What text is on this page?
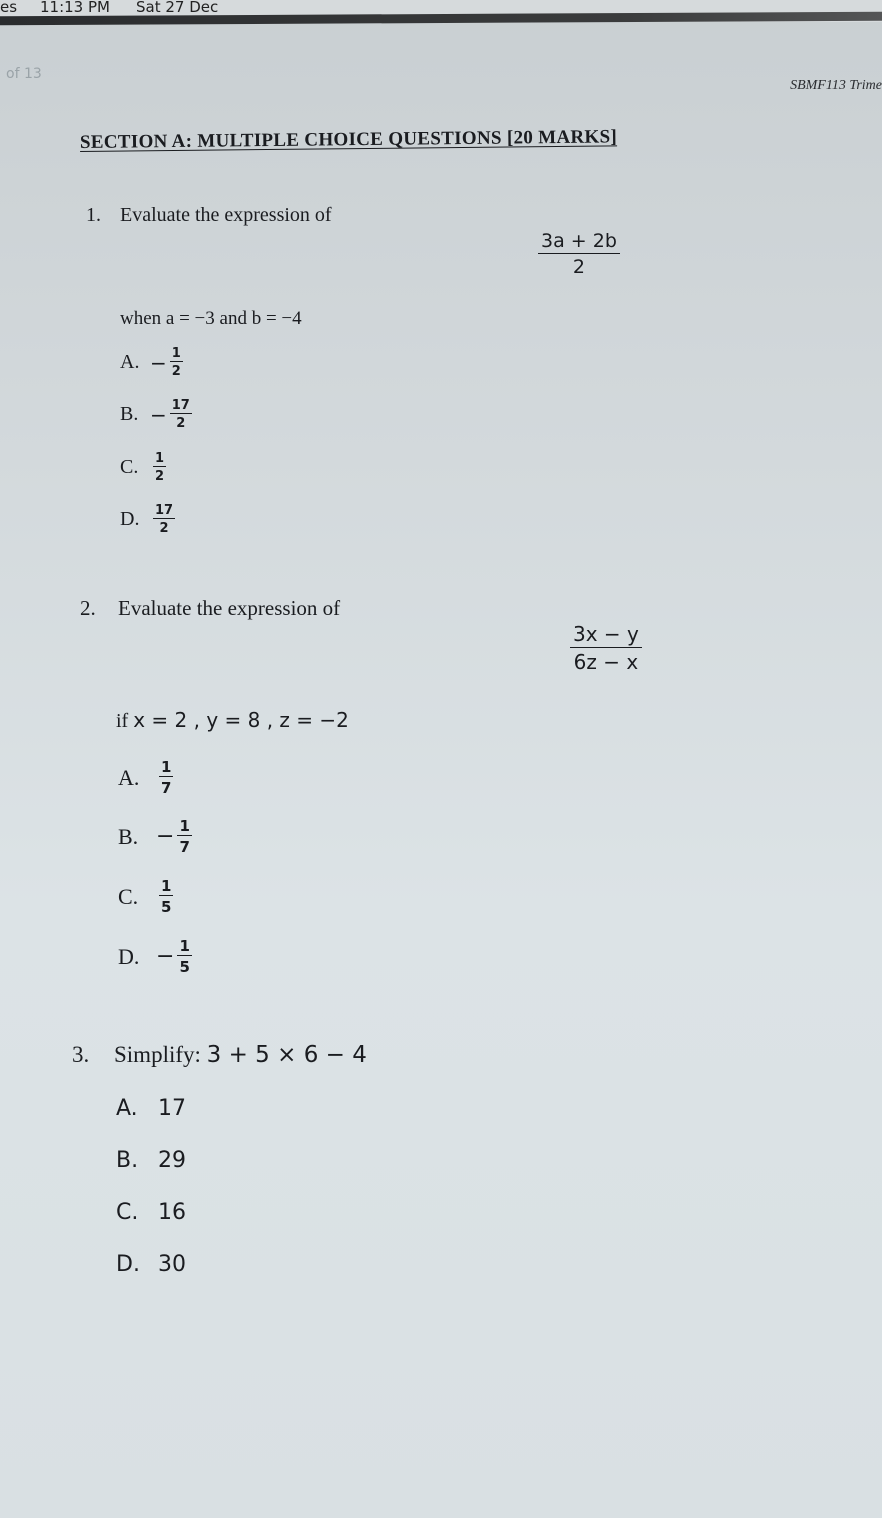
es 11:13 PM Sat 27 Dec
of 13
SBMF113 Trime
SECTION A: MULTIPLE CHOICE QUESTIONS [20 MARKS]
1. Evaluate the expression of
$\frac{3a + 2b}{2}$
when a = −3 and b = −4
A. − $\frac{1}{2}$
B. − $\frac{17}{2}$
C.	$\frac{1}{2}$
D.	$\frac{17}{2}$
2. Evaluate the expression of
$\frac{3x - y}{6z - x}$
if x = 2 , y = 8 , z = −2
A.	$\frac{1}{7}$
B. − $\frac{1}{7}$
C.	$\frac{1}{5}$
D. − $\frac{1}{5}$
3. Simplify: 3 + 5 × 6 − 4
A. 17
B. 29
C. 16
D. 30
